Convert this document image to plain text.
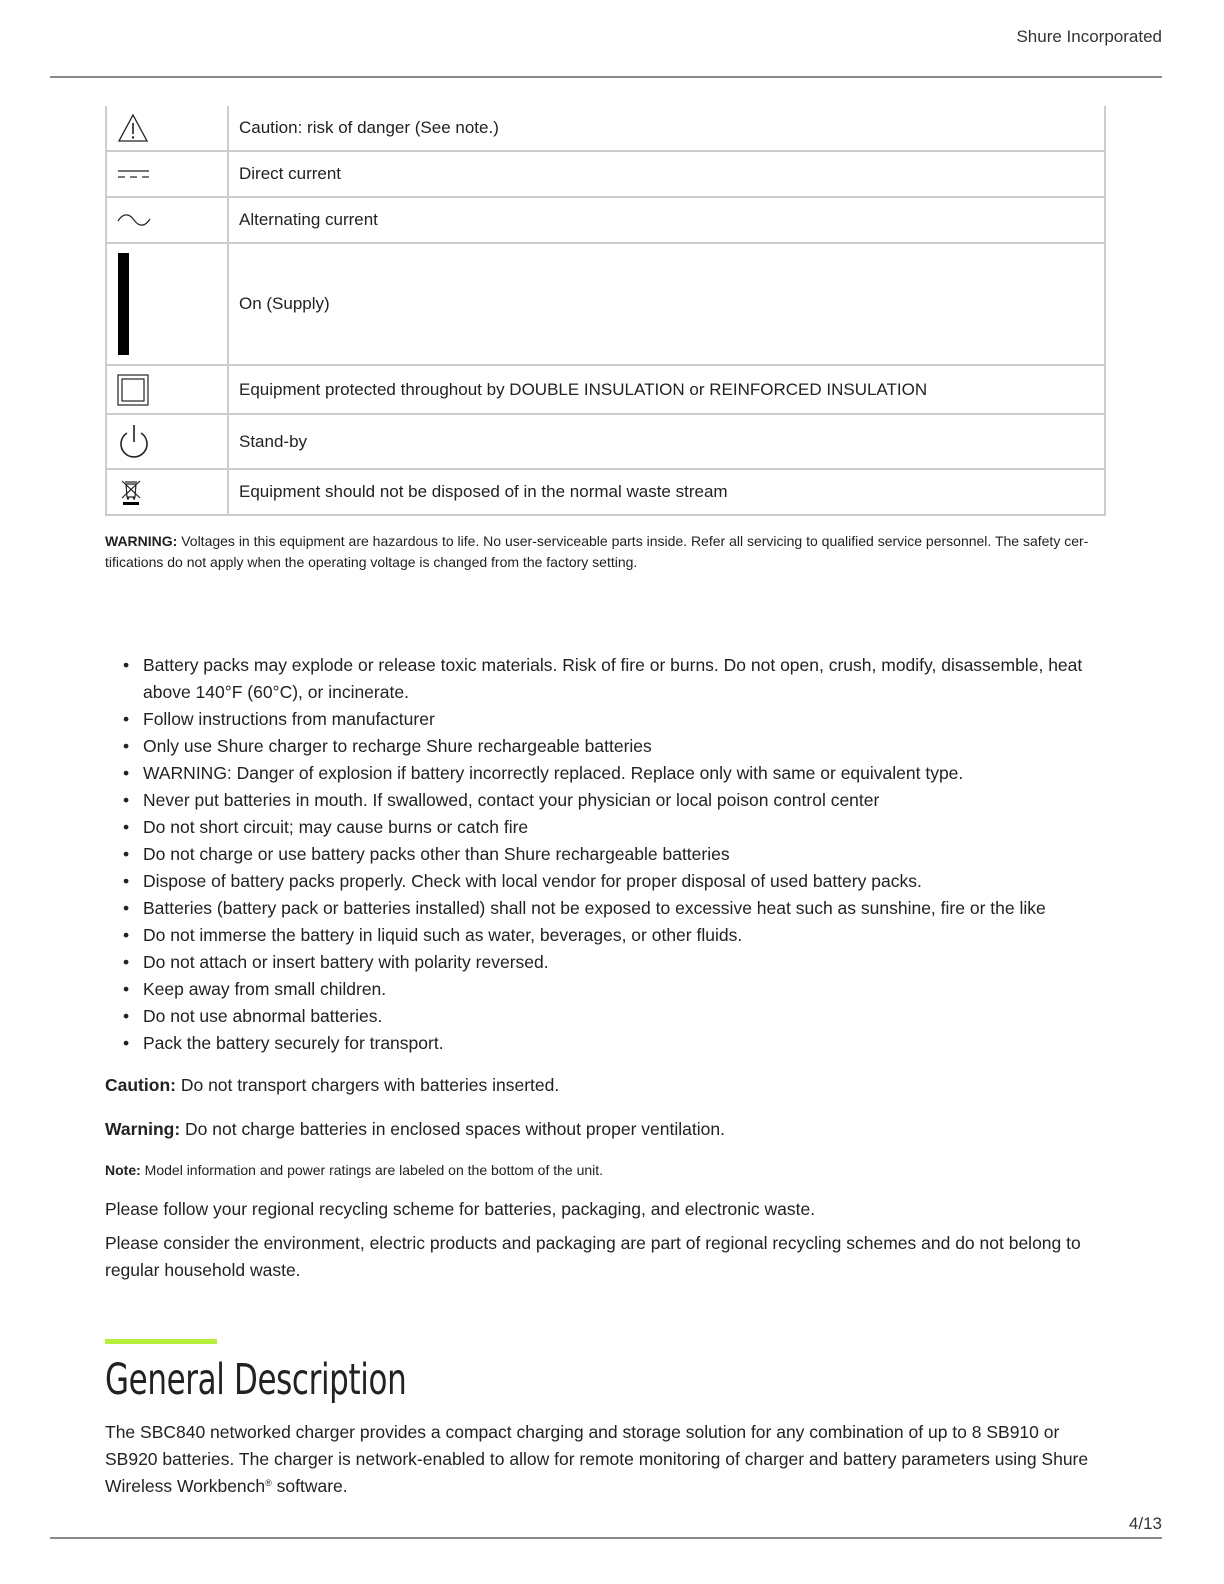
Shure Incorporated
	Caution: risk of danger (See note.)

	Direct current

	Alternating current

	On (Supply)

	Equipment protected throughout by DOUBLE INSULATION or REINFORCED INSULATION

	Stand-by

	Equipment should not be disposed of in the normal waste stream
WARNING: Voltages in this equipment are hazardous to life. No user-serviceable parts inside. Refer all servicing to qualified service personnel. The safety cer-tifications do not apply when the operating voltage is changed from the factory setting.
• Battery packs may explode or release toxic materials. Risk of fire or burns. Do not open, crush, modify, disassemble, heat above 140°F (60°C), or incinerate.
• Follow instructions from manufacturer
• Only use Shure charger to recharge Shure rechargeable batteries
• WARNING: Danger of explosion if battery incorrectly replaced. Replace only with same or equivalent type.
• Never put batteries in mouth. If swallowed, contact your physician or local poison control center
• Do not short circuit; may cause burns or catch fire
• Do not charge or use battery packs other than Shure rechargeable batteries
• Dispose of battery packs properly. Check with local vendor for proper disposal of used battery packs.
• Batteries (battery pack or batteries installed) shall not be exposed to excessive heat such as sunshine, fire or the like
• Do not immerse the battery in liquid such as water, beverages, or other fluids.
• Do not attach or insert battery with polarity reversed.
• Keep away from small children.
• Do not use abnormal batteries.
• Pack the battery securely for transport.
Caution: Do not transport chargers with batteries inserted.
Warning: Do not charge batteries in enclosed spaces without proper ventilation.
Note: Model information and power ratings are labeled on the bottom of the unit.
Please follow your regional recycling scheme for batteries, packaging, and electronic waste.
Please consider the environment, electric products and packaging are part of regional recycling schemes and do not belong to regular household waste.
General Description
The SBC840 networked charger provides a compact charging and storage solution for any combination of up to 8 SB910 or SB920 batteries. The charger is network-enabled to allow for remote monitoring of charger and battery parameters using Shure Wireless Workbench® software.
4/13
